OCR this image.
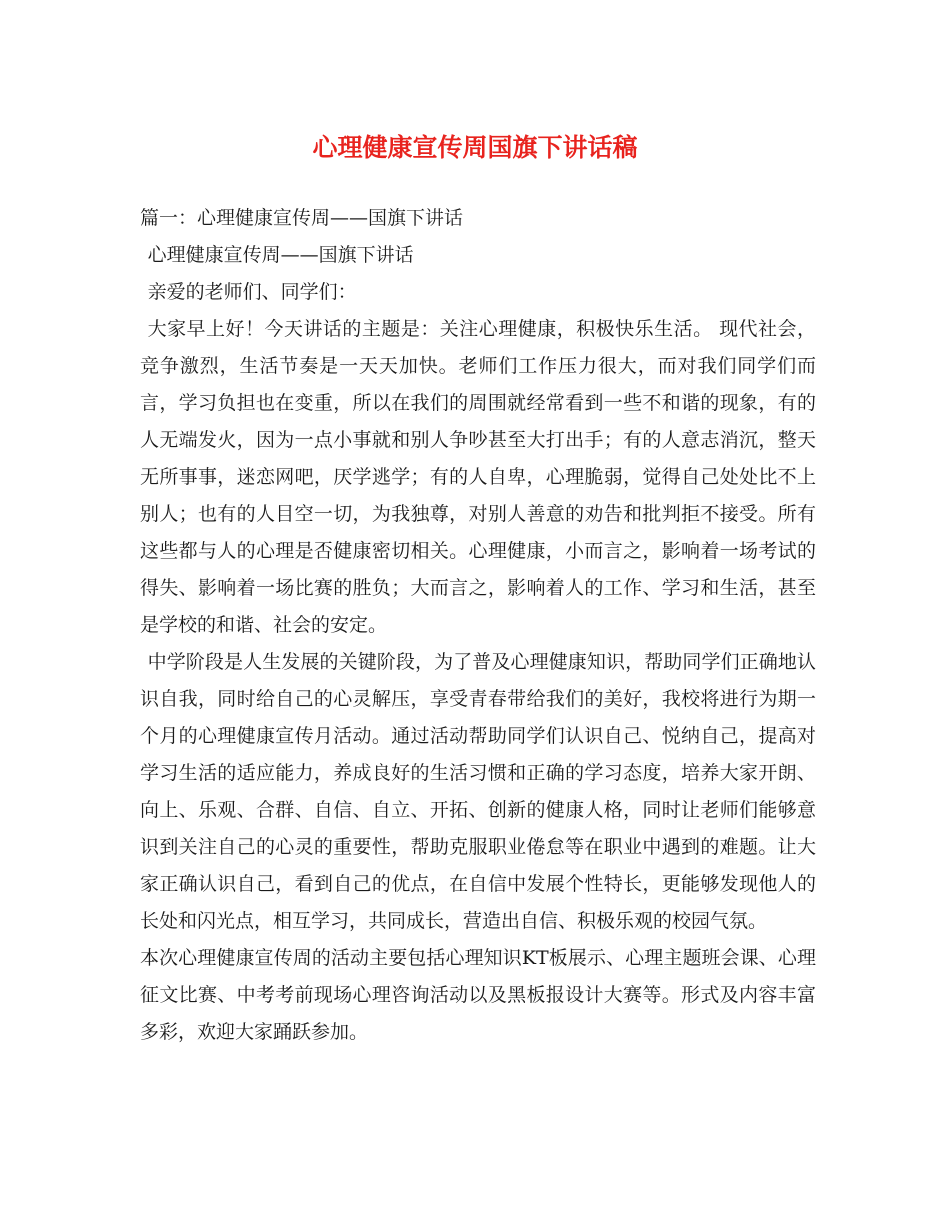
心理健康宣传周国旗下讲话稿

篇一：心理健康宣传周——国旗下讲话

心理健康宣传周——国旗下讲话

亲爱的老师们、同学们：

大家早上好！今天讲话的主题是：关注心理健康，积极快乐生活。 现代社会，竞争激烈，生活节奏是一天天加快。老师们工作压力很大，而对我们同学们而言，学习负担也在变重，所以在我们的周围就经常看到一些不和谐的现象，有的人无端发火，因为一点小事就和别人争吵甚至大打出手；有的人意志消沉，整天无所事事，迷恋网吧，厌学逃学；有的人自卑，心理脆弱，觉得自己处处比不上别人；也有的人目空一切，为我独尊，对别人善意的劝告和批判拒不接受。所有这些都与人的心理是否健康密切相关。心理健康，小而言之，影响着一场考试的得失、影响着一场比赛的胜负；大而言之，影响着人的工作、学习和生活，甚至是学校的和谐、社会的安定。

中学阶段是人生发展的关键阶段，为了普及心理健康知识，帮助同学们正确地认识自我，同时给自己的心灵解压，享受青春带给我们的美好，我校将进行为期一个月的心理健康宣传月活动。通过活动帮助同学们认识自己、悦纳自己，提高对学习生活的适应能力，养成良好的生活习惯和正确的学习态度，培养大家开朗、向上、乐观、合群、自信、自立、开拓、创新的健康人格，同时让老师们能够意识到关注自己的心灵的重要性，帮助克服职业倦怠等在职业中遇到的难题。让大家正确认识自己，看到自己的优点，在自信中发展个性特长，更能够发现他人的长处和闪光点，相互学习，共同成长，营造出自信、积极乐观的校园气氛。

本次心理健康宣传周的活动主要包括心理知识KT板展示、心理主题班会课、心理征文比赛、中考考前现场心理咨询活动以及黑板报设计大赛等。形式及内容丰富多彩，欢迎大家踊跃参加。
